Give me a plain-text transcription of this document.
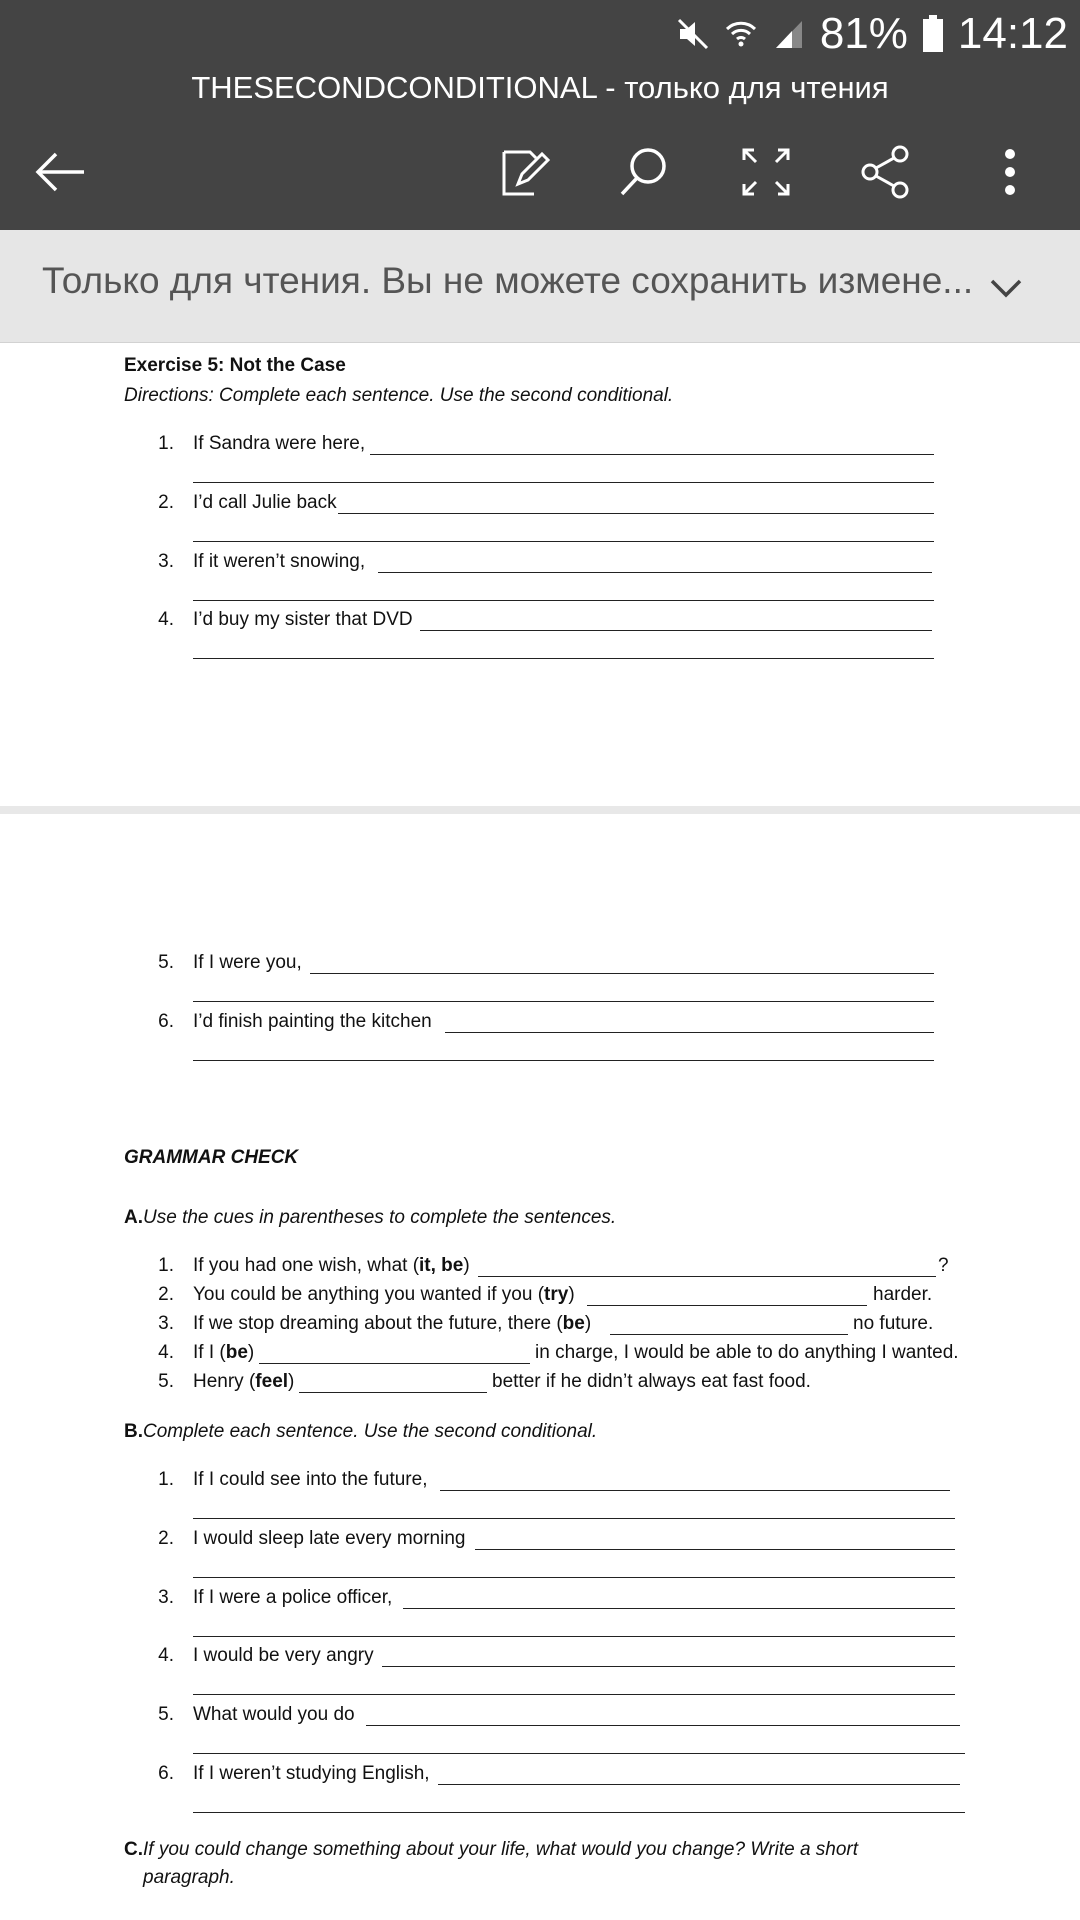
81% 14:12
THESECONDCONDITIONAL - только для чтения
Только для чтения. Вы не можете сохранить измене...
Exercise 5: Not the Case
Directions: Complete each sentence. Use the second conditional.
1. If Sandra were here,
2. I’d call Julie back
3. If it weren’t snowing,
4. I’d buy my sister that DVD
5. If I were you,
6. I’d finish painting the kitchen
GRAMMAR CHECK
A.Use the cues in parentheses to complete the sentences.
1. If you had one wish, what (it, be)	?
2. You could be anything you wanted if you (try)	harder.
3. If we stop dreaming about the future, there (be)	no future.
4. If I (be)	in charge, I would be able to do anything I wanted.
5. Henry (feel)	better if he didn’t always eat fast food.
B.Complete each sentence. Use the second conditional.
1. If I could see into the future,
2. I would sleep late every morning
3. If I were a police officer,
4. I would be very angry
5. What would you do
6. If I weren’t studying English,
C.If you could change something about your life, what would you change? Write a short
paragraph.
